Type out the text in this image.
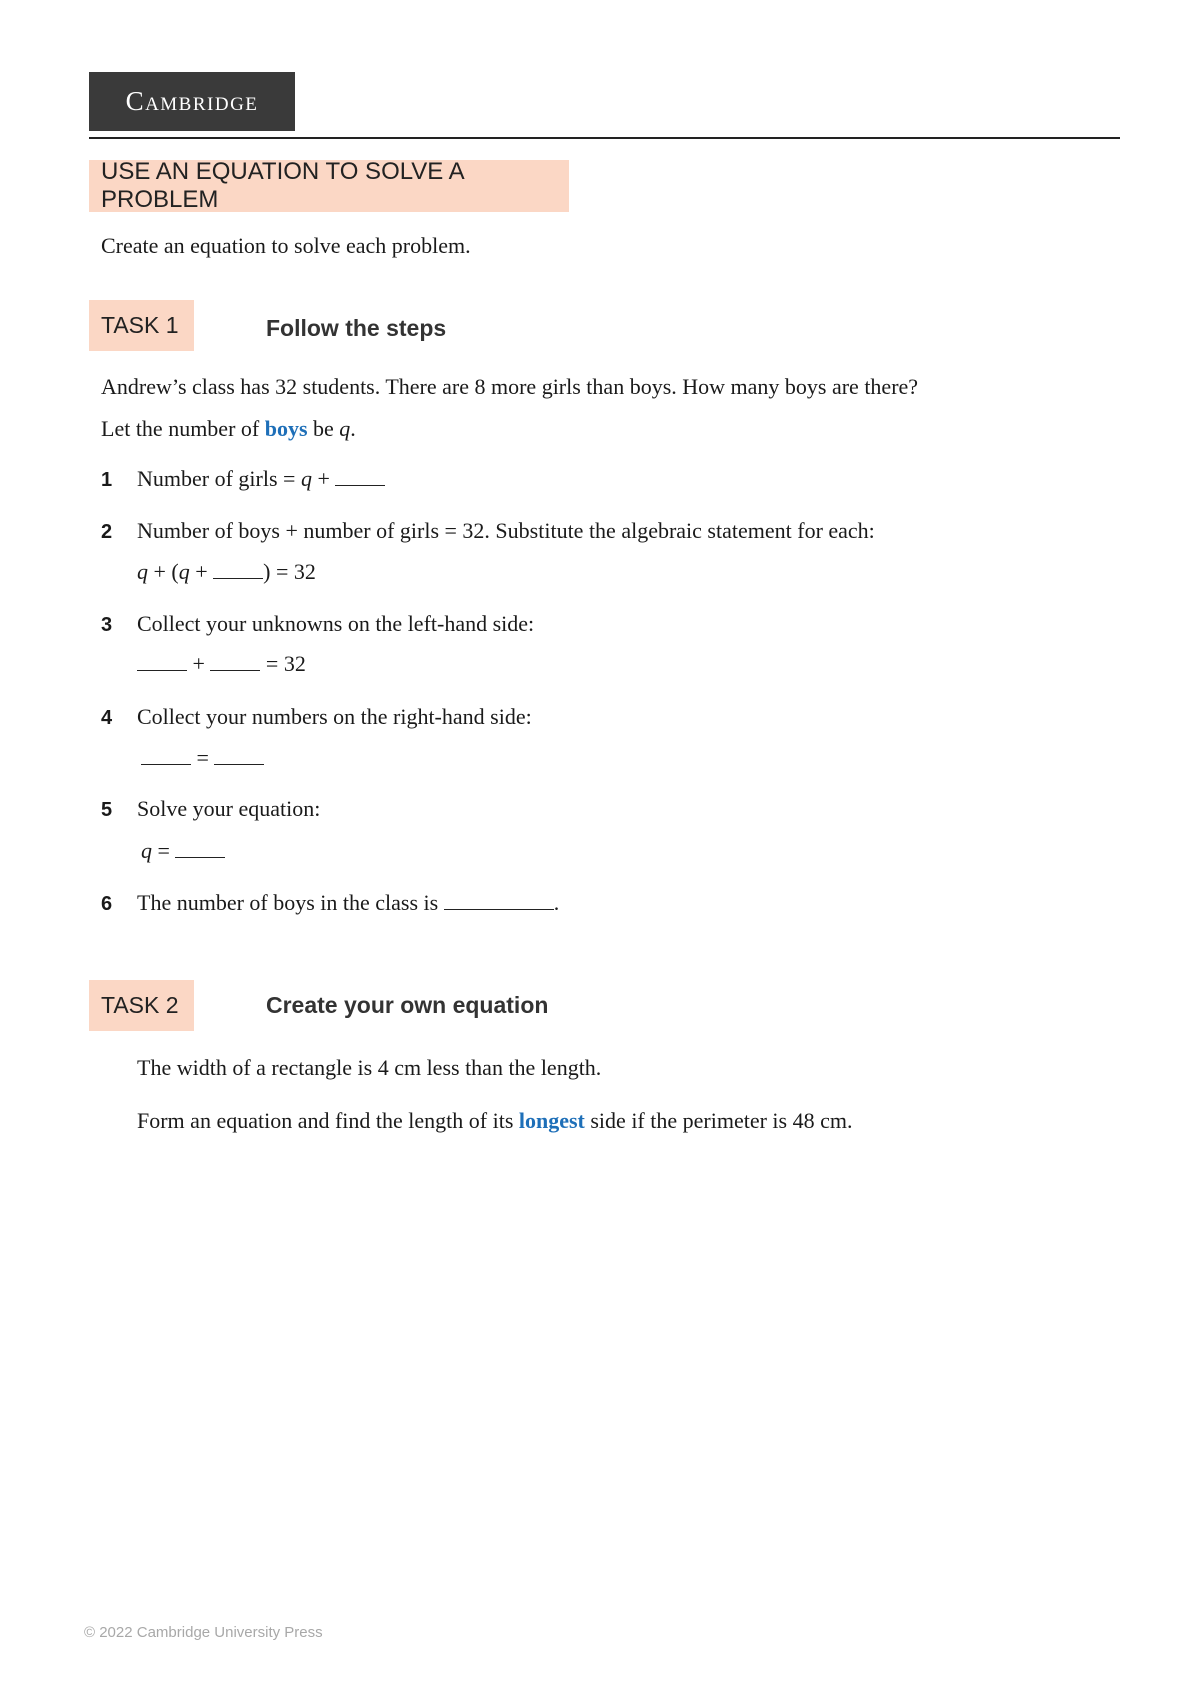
Cambridge
USE AN EQUATION TO SOLVE A PROBLEM
Create an equation to solve each problem.
TASK 1	Follow the steps
Andrew’s class has 32 students. There are 8 more girls than boys. How many boys are there?
Let the number of boys be q.
1 Number of girls = q +
2 Number of boys + number of girls = 32. Substitute the algebraic statement for each:
q + (q + ) = 32
3 Collect your unknowns on the left-hand side:
+  = 32
4 Collect your numbers on the right-hand side:
=
5 Solve your equation:
q =
6 The number of boys in the class is	.
TASK 2	Create your own equation
The width of a rectangle is 4 cm less than the length.
Form an equation and find the length of its longest side if the perimeter is 48 cm.
© 2022 Cambridge University Press
